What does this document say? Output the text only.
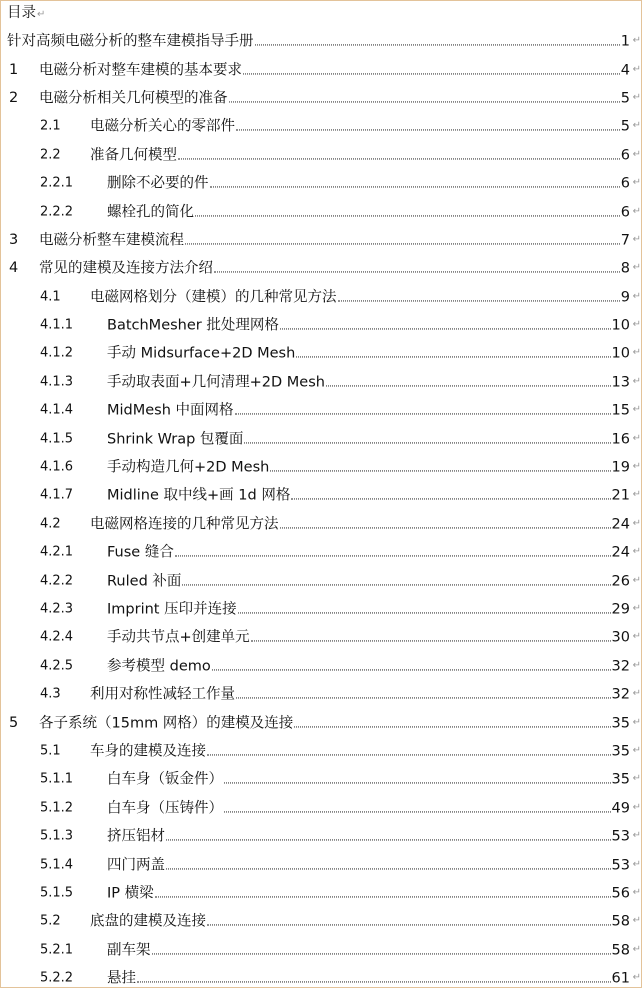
目录↵
针对高频电磁分析的整车建模指导手册	1 ↵
1 电磁分析对整车建模的基本要求	4 ↵
2 电磁分析相关几何模型的准备	5 ↵
2.1 电磁分析关心的零部件	5 ↵
2.2 准备几何模型	6 ↵
2.2.1 删除不必要的件	6 ↵
2.2.2 螺栓孔的简化	6 ↵
3 电磁分析整车建模流程	7 ↵
4 常见的建模及连接方法介绍	8 ↵
4.1 电磁网格划分（建模）的几种常见方法	9 ↵
4.1.1 BatchMesher 批处理网格	10 ↵
4.1.2 手动 Midsurface+2D Mesh	10 ↵
4.1.3 手动取表面+几何清理+2D Mesh	13 ↵
4.1.4 MidMesh 中面网格	15 ↵
4.1.5 Shrink Wrap 包覆面	16 ↵
4.1.6 手动构造几何+2D Mesh	19 ↵
4.1.7 Midline 取中线+画 1d 网格	21 ↵
4.2 电磁网格连接的几种常见方法	24 ↵
4.2.1 Fuse 缝合	24 ↵
4.2.2 Ruled 补面	26 ↵
4.2.3 Imprint 压印并连接	29 ↵
4.2.4 手动共节点+创建单元	30 ↵
4.2.5 参考模型 demo	32 ↵
4.3 利用对称性减轻工作量	32 ↵
5 各子系统（15mm 网格）的建模及连接	35 ↵
5.1 车身的建模及连接	35 ↵
5.1.1 白车身（钣金件）	35 ↵
5.1.2 白车身（压铸件）	49 ↵
5.1.3 挤压铝材	53 ↵
5.1.4 四门两盖	53 ↵
5.1.5 IP 横梁	56 ↵
5.2 底盘的建模及连接	58 ↵
5.2.1 副车架	58 ↵
5.2.2 悬挂	61 ↵
